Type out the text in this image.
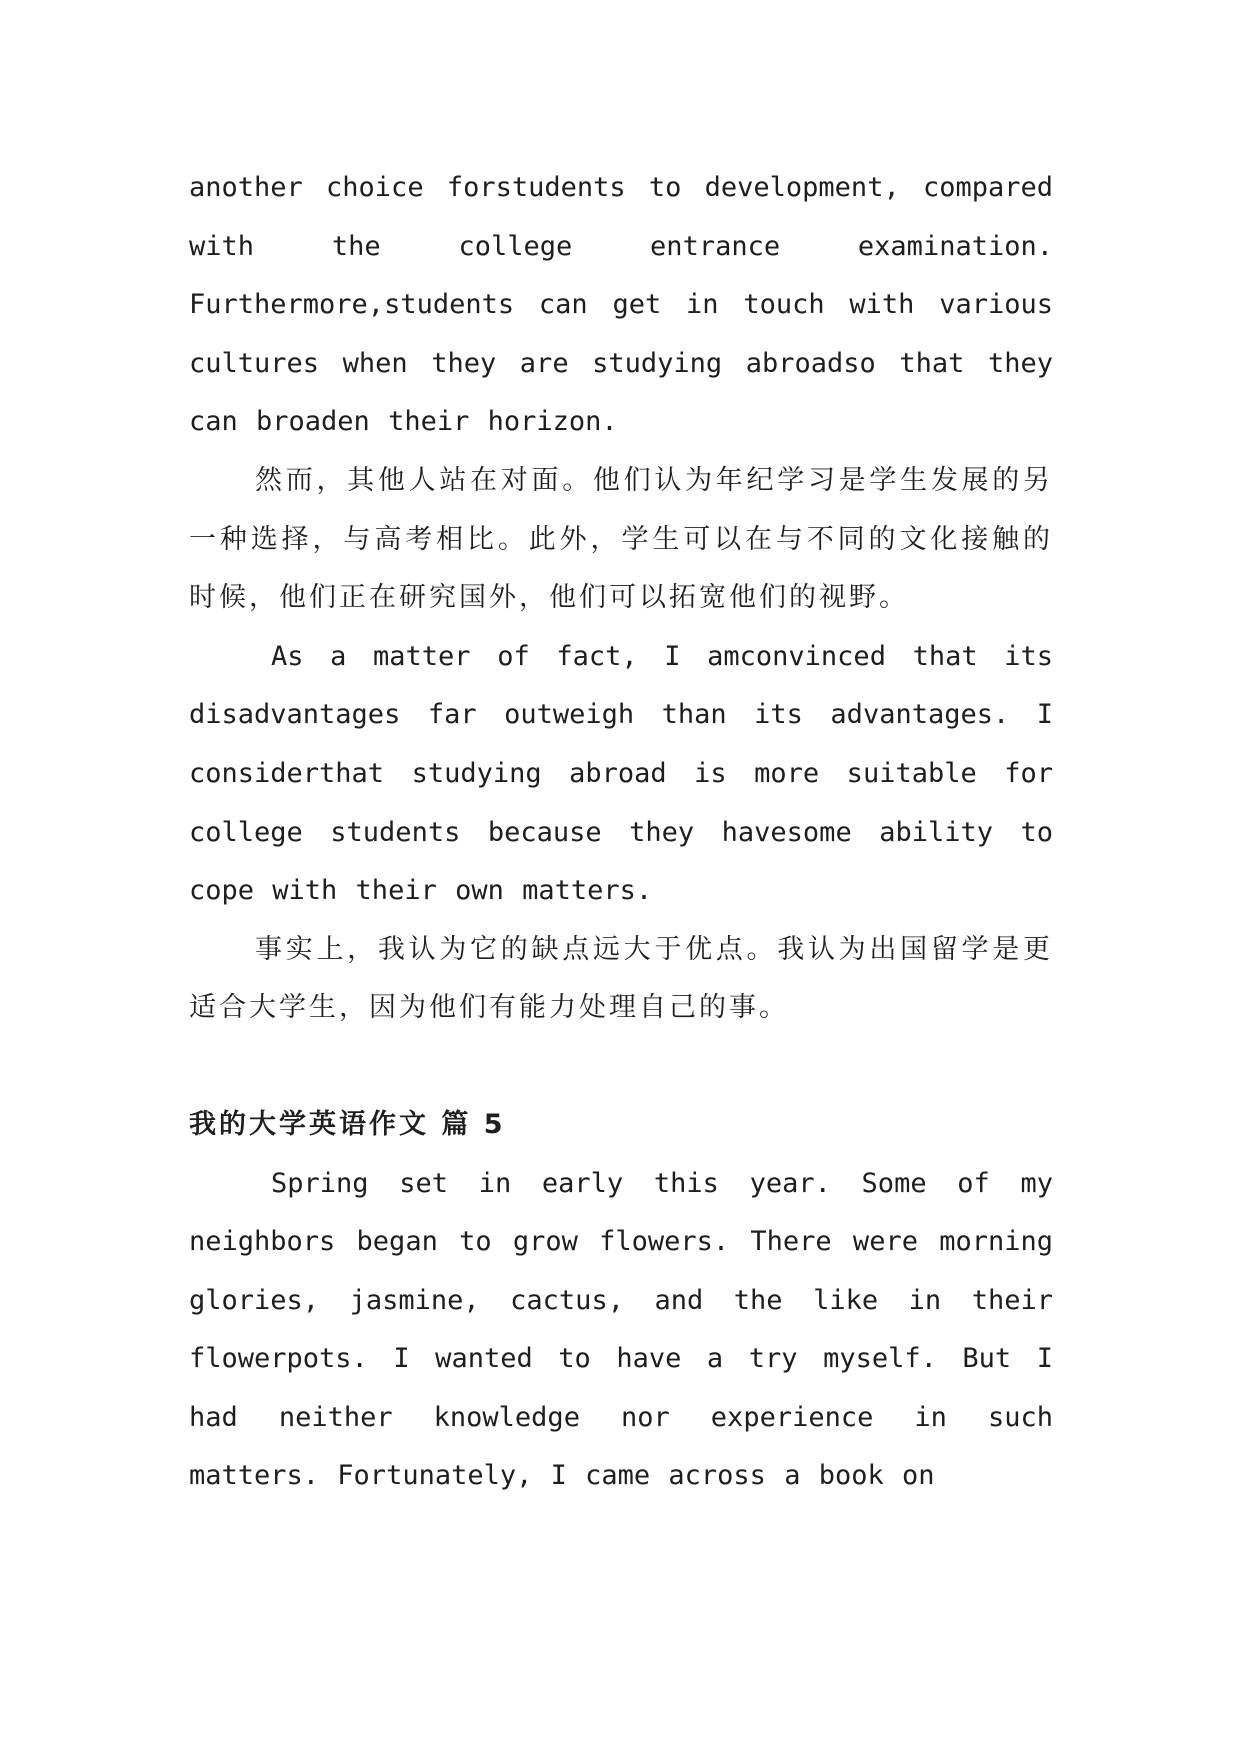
another choice forstudents to development, compared with the college entrance examination. Furthermore,students can get in touch with various cultures when they are studying abroadso that they can broaden their horizon.

然而，其他人站在对面。他们认为年纪学习是学生发展的另一种选择，与高考相比。此外，学生可以在与不同的文化接触的时候，他们正在研究国外，他们可以拓宽他们的视野。

As a matter of fact, I amconvinced that its disadvantages far outweigh than its advantages. I considerthat studying abroad is more suitable for college students because they havesome ability to cope with their own matters.

事实上，我认为它的缺点远大于优点。我认为出国留学是更适合大学生，因为他们有能力处理自己的事。

我的大学英语作文 篇 5

Spring set in early this year. Some of my neighbors began to grow flowers. There were morning glories, jasmine, cactus, and the like in their flowerpots. I wanted to have a try myself. But I had neither knowledge nor experience in such matters. Fortunately, I came across a book on
